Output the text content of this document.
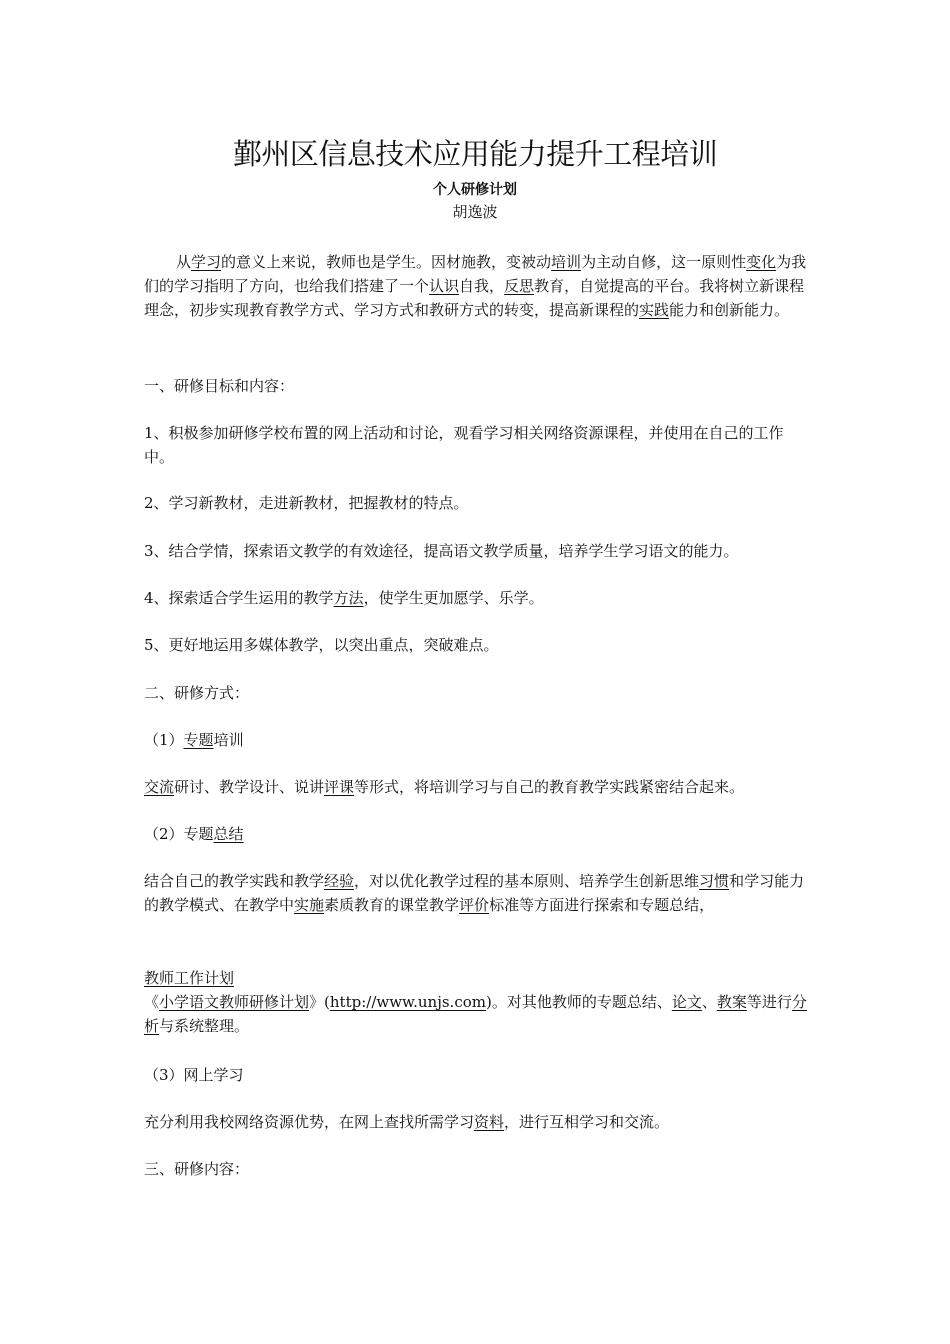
鄞州区信息技术应用能力提升工程培训
个人研修计划
胡逸波

从学习的意义上来说，教师也是学生。因材施教，变被动培训为主动自修，这一原则性变化为我们的学习指明了方向，也给我们搭建了一个认识自我，反思教育，自觉提高的平台。我将树立新课程理念，初步实现教育教学方式、学习方式和教研方式的转变，提高新课程的实践能力和创新能力。

一、研修目标和内容：

1、积极参加研修学校布置的网上活动和讨论，观看学习相关网络资源课程，并使用在自己的工作中。

2、学习新教材，走进新教材，把握教材的特点。

3、结合学情，探索语文教学的有效途径，提高语文教学质量，培养学生学习语文的能力。

4、探索适合学生运用的教学方法，使学生更加愿学、乐学。

5、更好地运用多媒体教学，以突出重点，突破难点。

二、研修方式：

（1）专题培训

交流研讨、教学设计、说讲评课等形式，将培训学习与自己的教育教学实践紧密结合起来。

（2）专题总结

结合自己的教学实践和教学经验，对以优化教学过程的基本原则、培养学生创新思维习惯和学习能力的教学模式、在教学中实施素质教育的课堂教学评价标准等方面进行探索和专题总结，

教师工作计划

《小学语文教师研修计划》(http://www.unjs.com)。对其他教师的专题总结、论文、教案等进行分析与系统整理。

（3）网上学习

充分利用我校网络资源优势，在网上查找所需学习资料，进行互相学习和交流。

三、研修内容：
